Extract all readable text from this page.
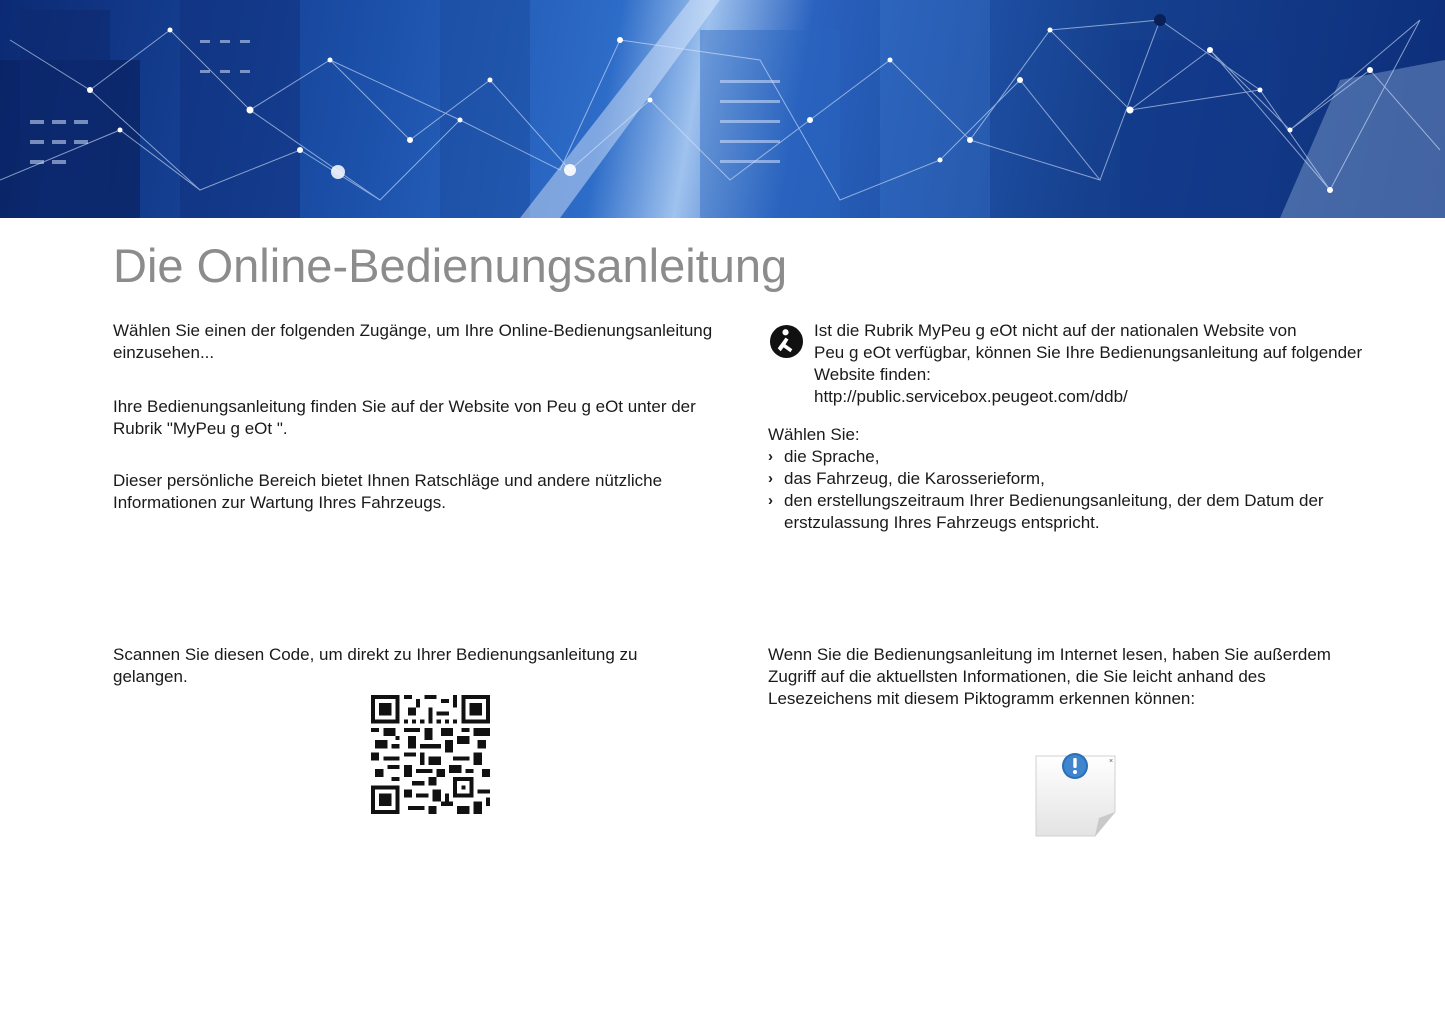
Die Online-Bedienungsanleitung

Wählen Sie einen der folgenden Zugänge, um Ihre Online-Bedienungsanleitung einzusehen...

Ihre Bedienungsanleitung finden Sie auf der Website von Peu g eOt unter der Rubrik "MyPeu g eOt ".

Dieser persönliche Bereich bietet Ihnen Ratschläge und andere nützliche Informationen zur Wartung Ihres Fahrzeugs.

Ist die Rubrik MyPeu g eOt nicht auf der nationalen Website von

Peu g eOt verfügbar, können Sie Ihre Bedienungsanleitung auf folgender

Website finden:

http://public.servicebox.peugeot.com/ddb/

Wählen Sie:

› die Sprache,
› das Fahrzeug, die Karosserieform,
› den erstellungszeitraum Ihrer Bedienungsanleitung, der dem Datum der erstzulassung Ihres Fahrzeugs entspricht.

Scannen Sie diesen Code, um direkt zu Ihrer Bedienungsanleitung zu gelangen.

Wenn Sie die Bedienungsanleitung im Internet lesen, haben Sie außerdem Zugriff auf die aktuellsten Informationen, die Sie leicht anhand des Lesezeichens mit diesem Piktogramm erkennen können:

×
